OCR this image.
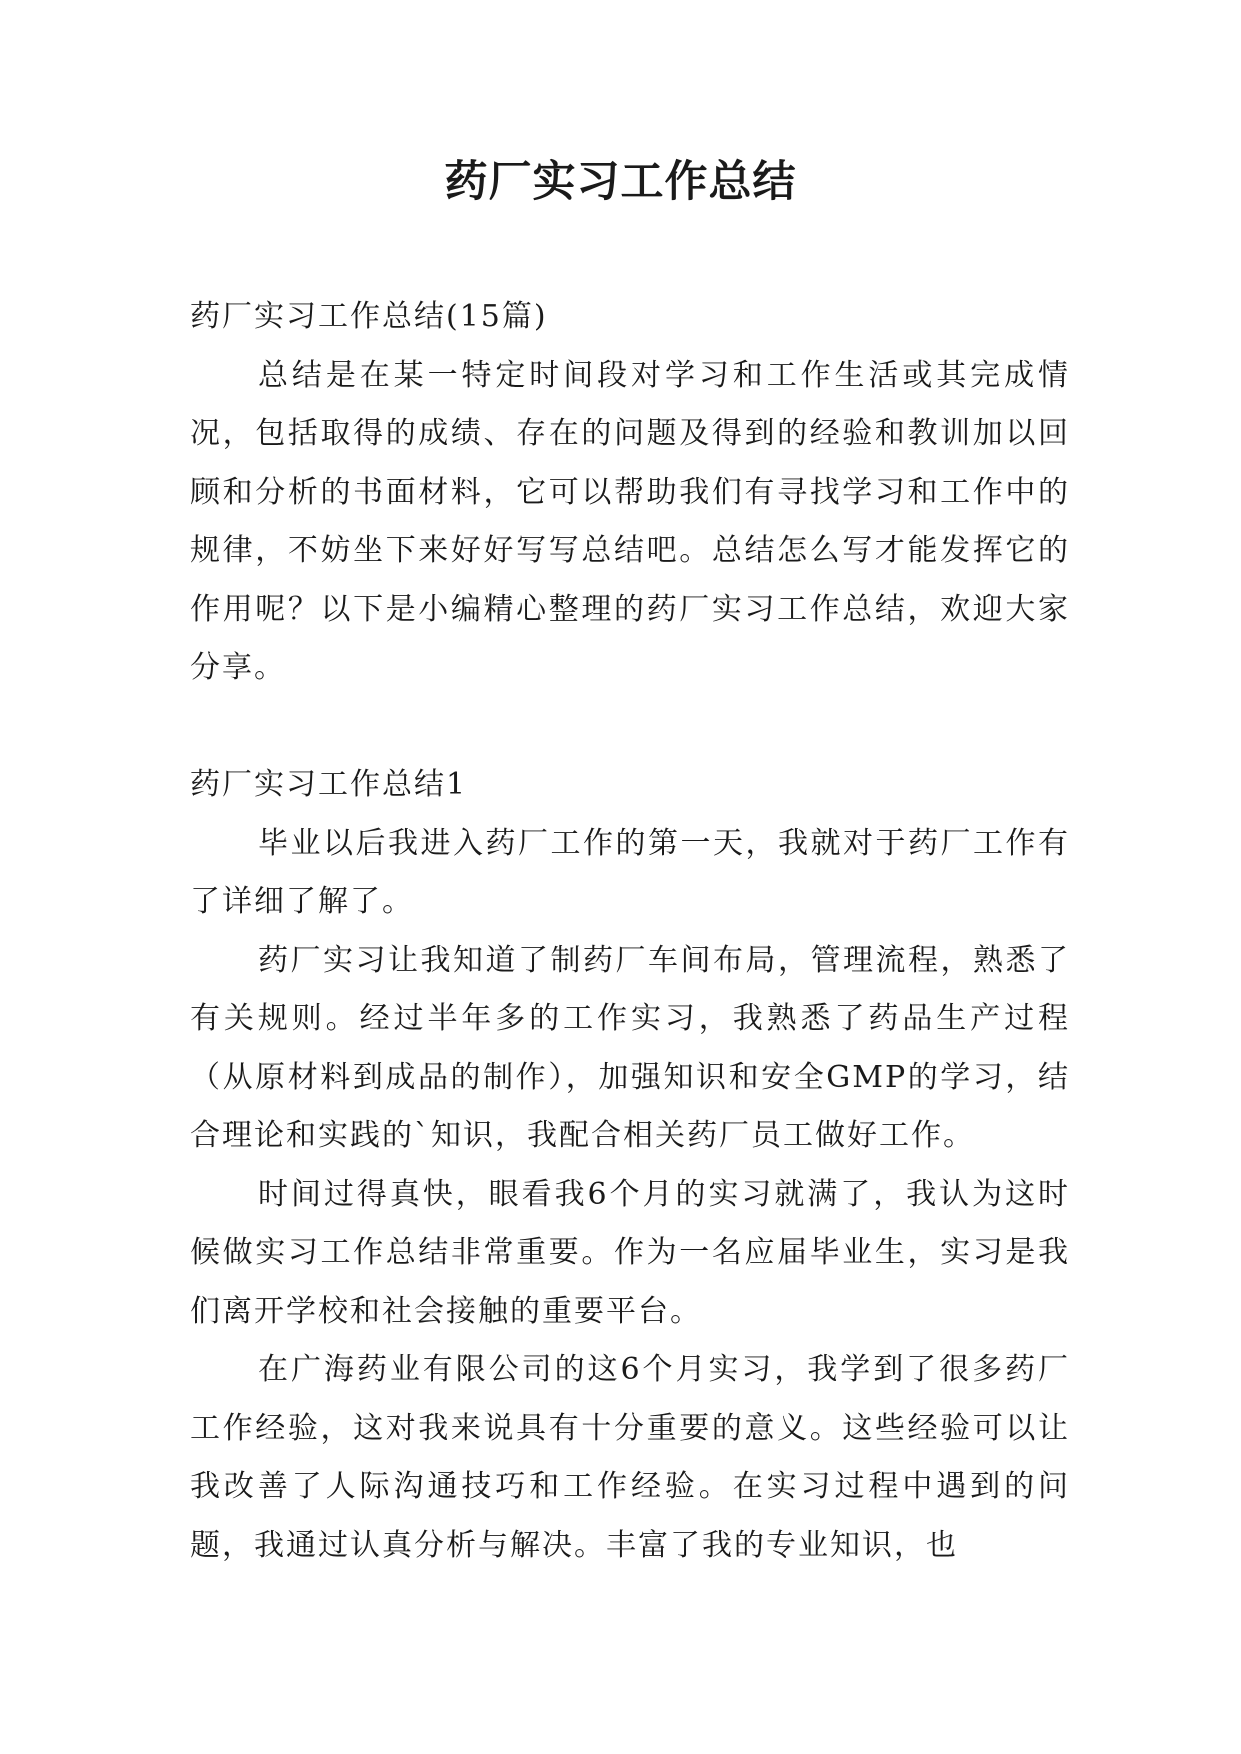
药厂实习工作总结

药厂实习工作总结(15篇)

总结是在某一特定时间段对学习和工作生活或其完成情况，包括取得的成绩、存在的问题及得到的经验和教训加以回顾和分析的书面材料，它可以帮助我们有寻找学习和工作中的规律，不妨坐下来好好写写总结吧。总结怎么写才能发挥它的作用呢？以下是小编精心整理的药厂实习工作总结，欢迎大家分享。

药厂实习工作总结1

毕业以后我进入药厂工作的第一天，我就对于药厂工作有了详细了解了。

药厂实习让我知道了制药厂车间布局，管理流程，熟悉了有关规则。经过半年多的工作实习，我熟悉了药品生产过程（从原材料到成品的制作），加强知识和安全GMP的学习，结合理论和实践的`知识，我配合相关药厂员工做好工作。

时间过得真快，眼看我6个月的实习就满了，我认为这时候做实习工作总结非常重要。作为一名应届毕业生，实习是我们离开学校和社会接触的重要平台。

在广海药业有限公司的这6个月实习，我学到了很多药厂工作经验，这对我来说具有十分重要的意义。这些经验可以让我改善了人际沟通技巧和工作经验。在实习过程中遇到的问题，我通过认真分析与解决。丰富了我的专业知识，也
